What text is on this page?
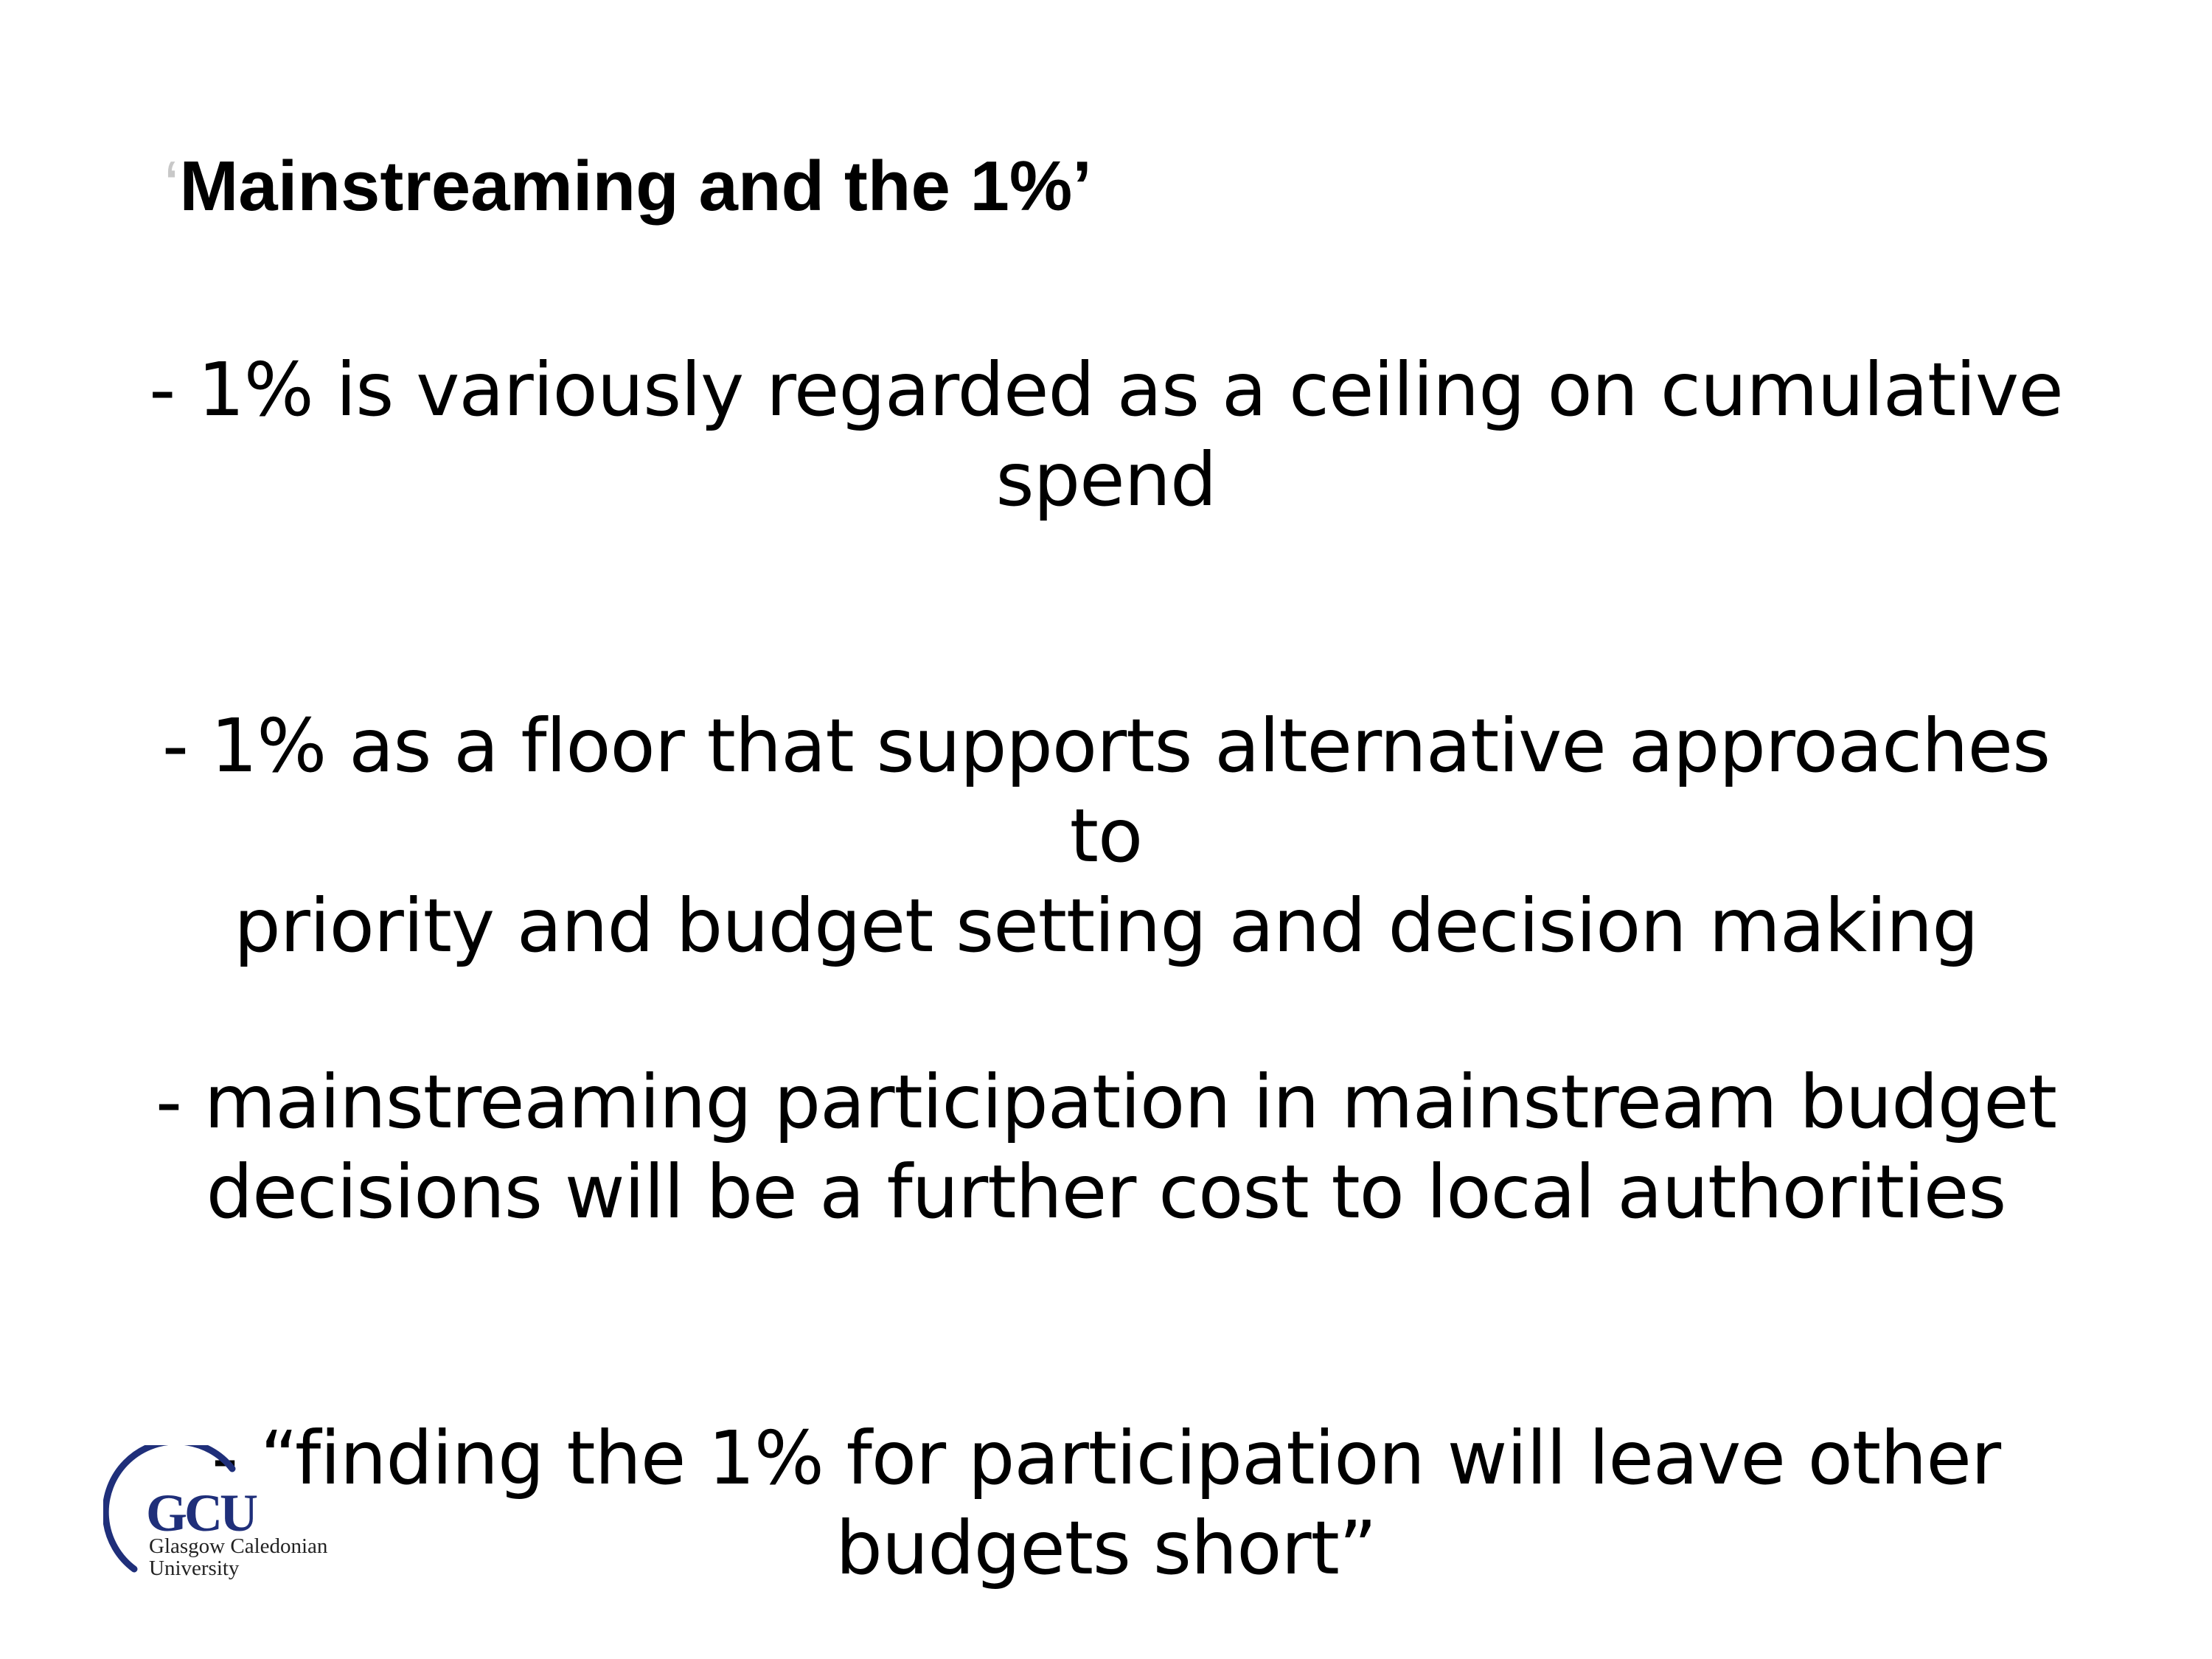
‘Mainstreaming and the 1%’
- 1% is variously regarded as a ceiling on cumulative
spend
- 1% as a floor that supports alternative approaches to
priority and budget setting and decision making
- mainstreaming participation in mainstream budget
decisions will be a further cost to local authorities
- “finding the 1% for participation will leave other
budgets short”
GCU
Glasgow Caledonian
University
